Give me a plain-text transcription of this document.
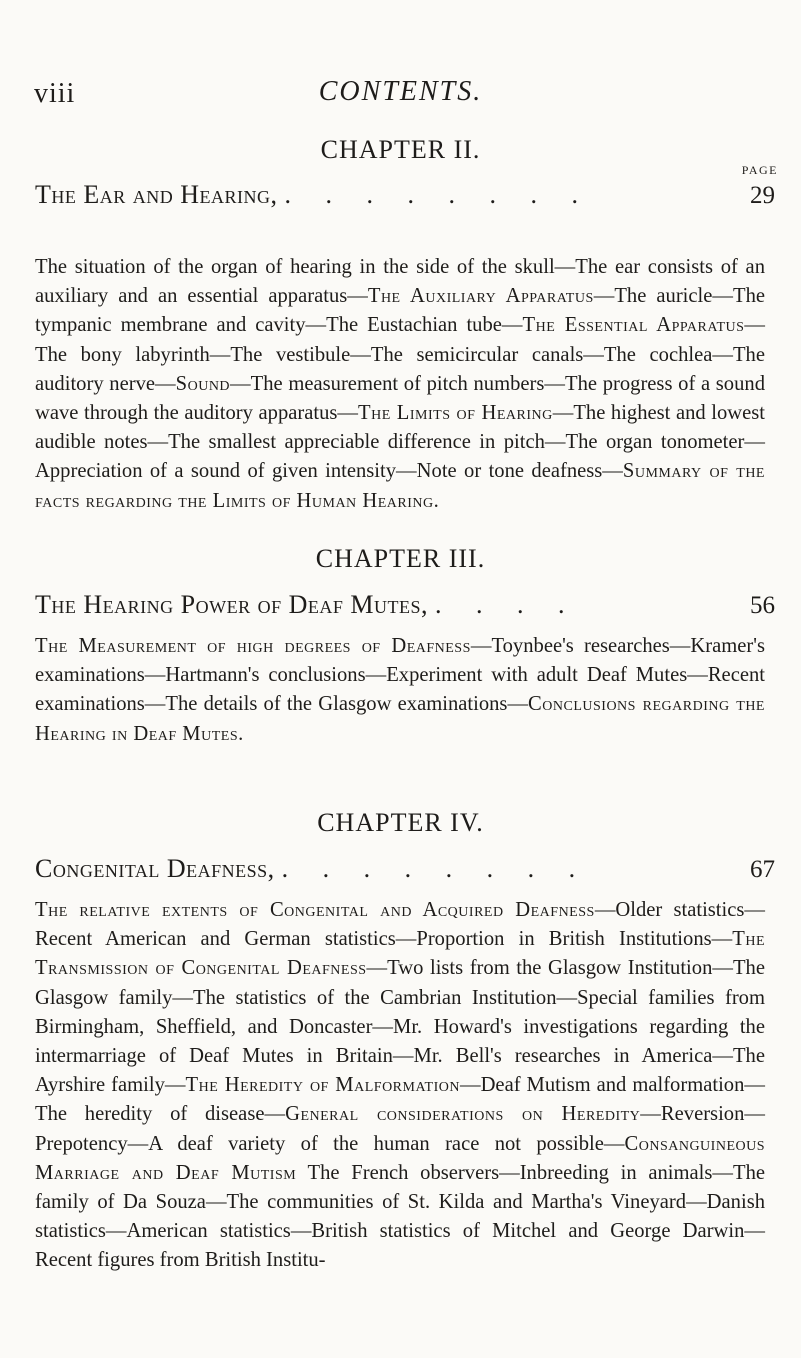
viii	CONTENTS.
CHAPTER II.
PAGE
The Ear and Hearing, . . . . . . . .	29

The situation of the organ of hearing in the side of the skull—The ear consists of an auxiliary and an essential apparatus—The Auxiliary Apparatus—The auricle—The tympanic membrane and cavity—The Eustachian tube—The Essential Apparatus—The bony labyrinth—The vestibule—The semicircular canals—The cochlea—The auditory nerve—Sound—The measurement of pitch numbers—The progress of a sound wave through the auditory apparatus—The Limits of Hearing—The highest and lowest audible notes—The smallest appreciable difference in pitch—The organ tonometer—Appreciation of a sound of given intensity—Note or tone deafness—Summary of the facts regarding the Limits of Human Hearing.

CHAPTER III.
The Hearing Power of Deaf Mutes, . . . .	56

The Measurement of high degrees of Deafness—Toynbee's researches—Kramer's examinations—Hartmann's conclusions—Experiment with adult Deaf Mutes—Recent examinations—The details of the Glasgow examinations—Conclusions regarding the Hearing in Deaf Mutes.

CHAPTER IV.
Congenital Deafness, . . . . . . . .	67

The relative extents of Congenital and Acquired Deafness—Older statistics—Recent American and German statistics—Proportion in British Institutions—The Transmission of Congenital Deafness—Two lists from the Glasgow Institution—The Glasgow family—The statistics of the Cambrian Institution—Special families from Birmingham, Sheffield, and Doncaster—Mr. Howard's investigations regarding the intermarriage of Deaf Mutes in Britain—Mr. Bell's researches in America—The Ayrshire family—The Heredity of Malformation—Deaf Mutism and malformation—The heredity of disease—General considerations on Heredity—Reversion—Prepotency—A deaf variety of the human race not possible—Consanguineous Marriage and Deaf Mutism The French observers—Inbreeding in animals—The family of Da Souza—The communities of St. Kilda and Martha's Vineyard—Danish statistics—American statistics—British statistics of Mitchel and George Darwin—Recent figures from British Institu-
